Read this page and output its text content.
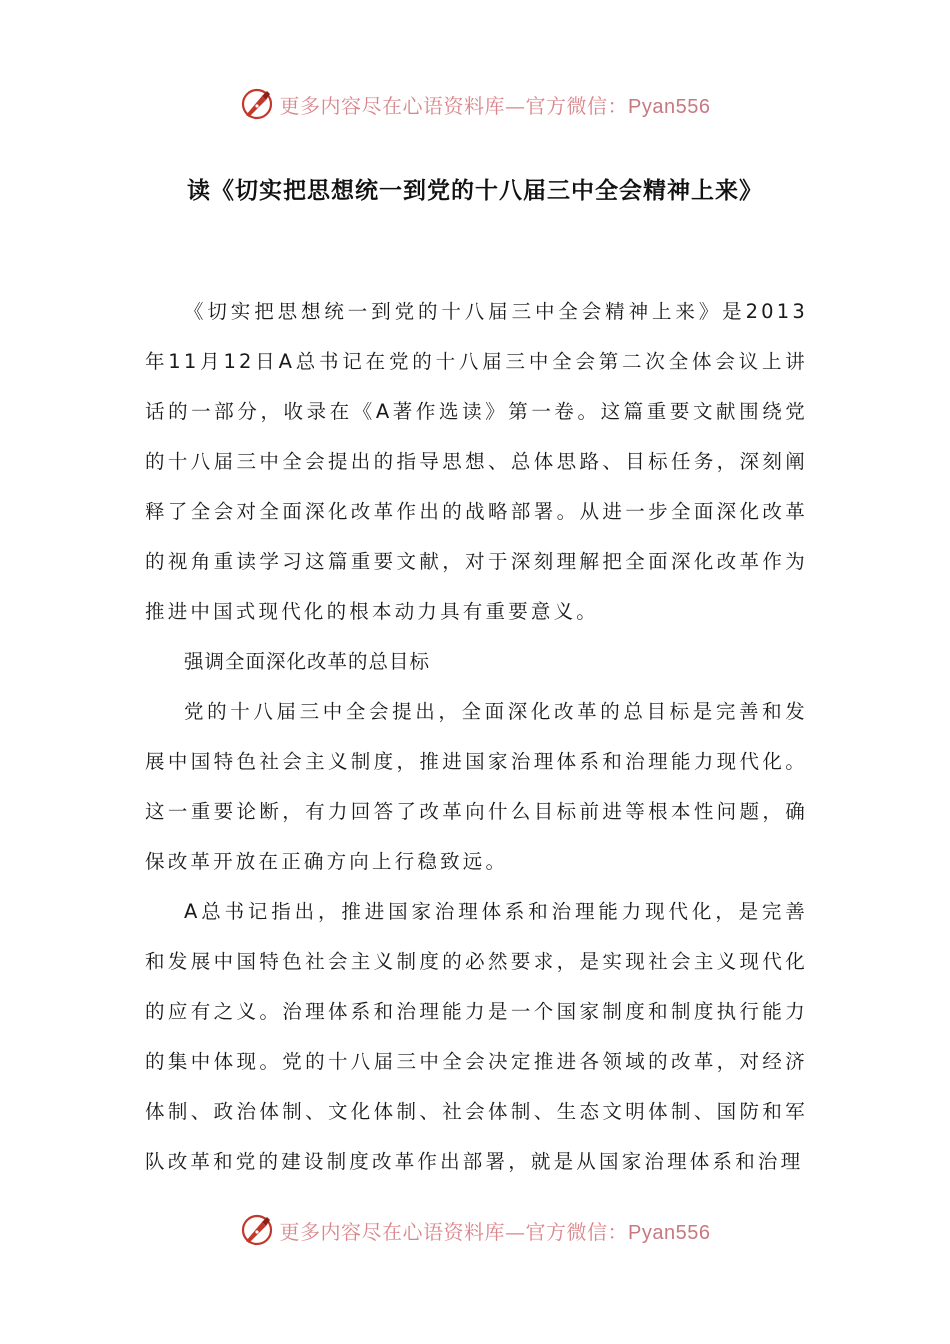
更多内容尽在心语资料库—官方微信：Pyan556
读《切实把思想统一到党的十八届三中全会精神上来》

《切实把思想统一到党的十八届三中全会精神上来》是2013年11月12日A总书记在党的十八届三中全会第二次全体会议上讲话的一部分，收录在《A著作选读》第一卷。这篇重要文献围绕党的十八届三中全会提出的指导思想、总体思路、目标任务，深刻阐释了全会对全面深化改革作出的战略部署。从进一步全面深化改革的视角重读学习这篇重要文献，对于深刻理解把全面深化改革作为推进中国式现代化的根本动力具有重要意义。

强调全面深化改革的总目标

党的十八届三中全会提出，全面深化改革的总目标是完善和发展中国特色社会主义制度，推进国家治理体系和治理能力现代化。这一重要论断，有力回答了改革向什么目标前进等根本性问题，确保改革开放在正确方向上行稳致远。

A总书记指出，推进国家治理体系和治理能力现代化，是完善和发展中国特色社会主义制度的必然要求，是实现社会主义现代化的应有之义。治理体系和治理能力是一个国家制度和制度执行能力的集中体现。党的十八届三中全会决定推进各领域的改革，对经济体制、政治体制、文化体制、社会体制、生态文明体制、国防和军队改革和党的建设制度改革作出部署，就是从国家治理体系和治理

更多内容尽在心语资料库—官方微信：Pyan556
